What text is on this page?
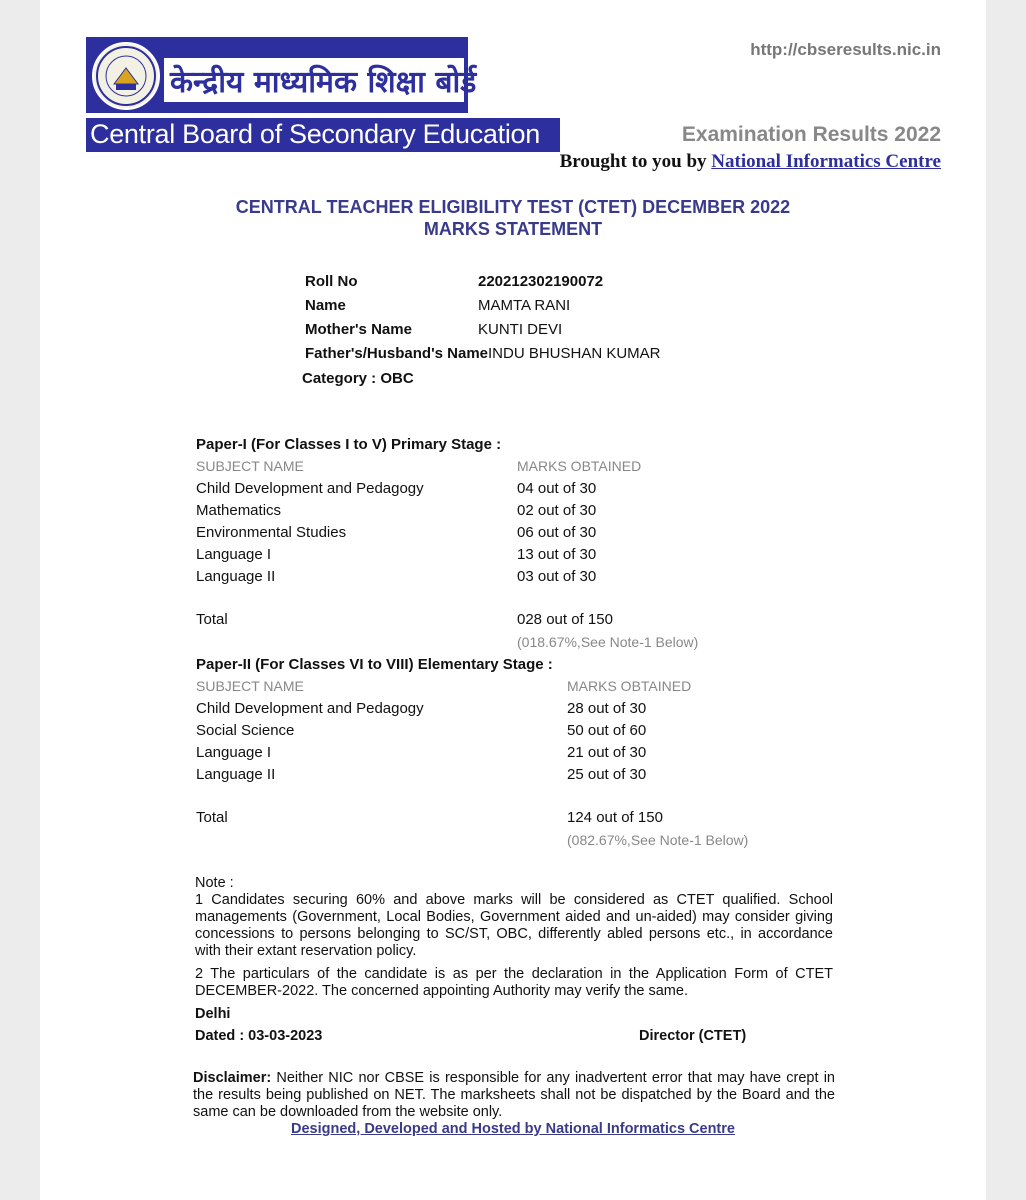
केन्द्रीय माध्यमिक शिक्षा बोर्ड
Central Board of Secondary Education
http://cbseresults.nic.in
Examination Results 2022
Brought to you by National Informatics Centre
CENTRAL TEACHER ELIGIBILITY TEST (CTET) DECEMBER 2022
MARKS STATEMENT
Roll No	220212302190072
Name	MAMTA RANI
Mother's Name	KUNTI DEVI
Father's/Husband's Name INDU BHUSHAN KUMAR
Category : OBC
Paper-I (For Classes I to V) Primary Stage :
SUBJECT NAME	MARKS OBTAINED
Child Development and Pedagogy	04 out of 30
Mathematics	02 out of 30
Environmental Studies	06 out of 30
Language I	13 out of 30
Language II	03 out of 30
Total	028 out of 150
(018.67%,See Note-1 Below)
Paper-II (For Classes VI to VIII) Elementary Stage :
SUBJECT NAME	MARKS OBTAINED
Child Development and Pedagogy	28 out of 30
Social Science	50 out of 60
Language I	21 out of 30
Language II	25 out of 30
Total	124 out of 150
(082.67%,See Note-1 Below)
Note :
1 Candidates securing 60% and above marks will be considered as CTET qualified. School managements (Government, Local Bodies, Government aided and un-aided) may consider giving concessions to persons belonging to SC/ST, OBC, differently abled persons etc., in accordance with their extant reservation policy.
2 The particulars of the candidate is as per the declaration in the Application Form of CTET DECEMBER-2022. The concerned appointing Authority may verify the same.
Delhi
Dated : 03-03-2023	Director (CTET)
Disclaimer: Neither NIC nor CBSE is responsible for any inadvertent error that may have crept in the results being published on NET. The marksheets shall not be dispatched by the Board and the same can be downloaded from the website only.
Designed, Developed and Hosted by National Informatics Centre
